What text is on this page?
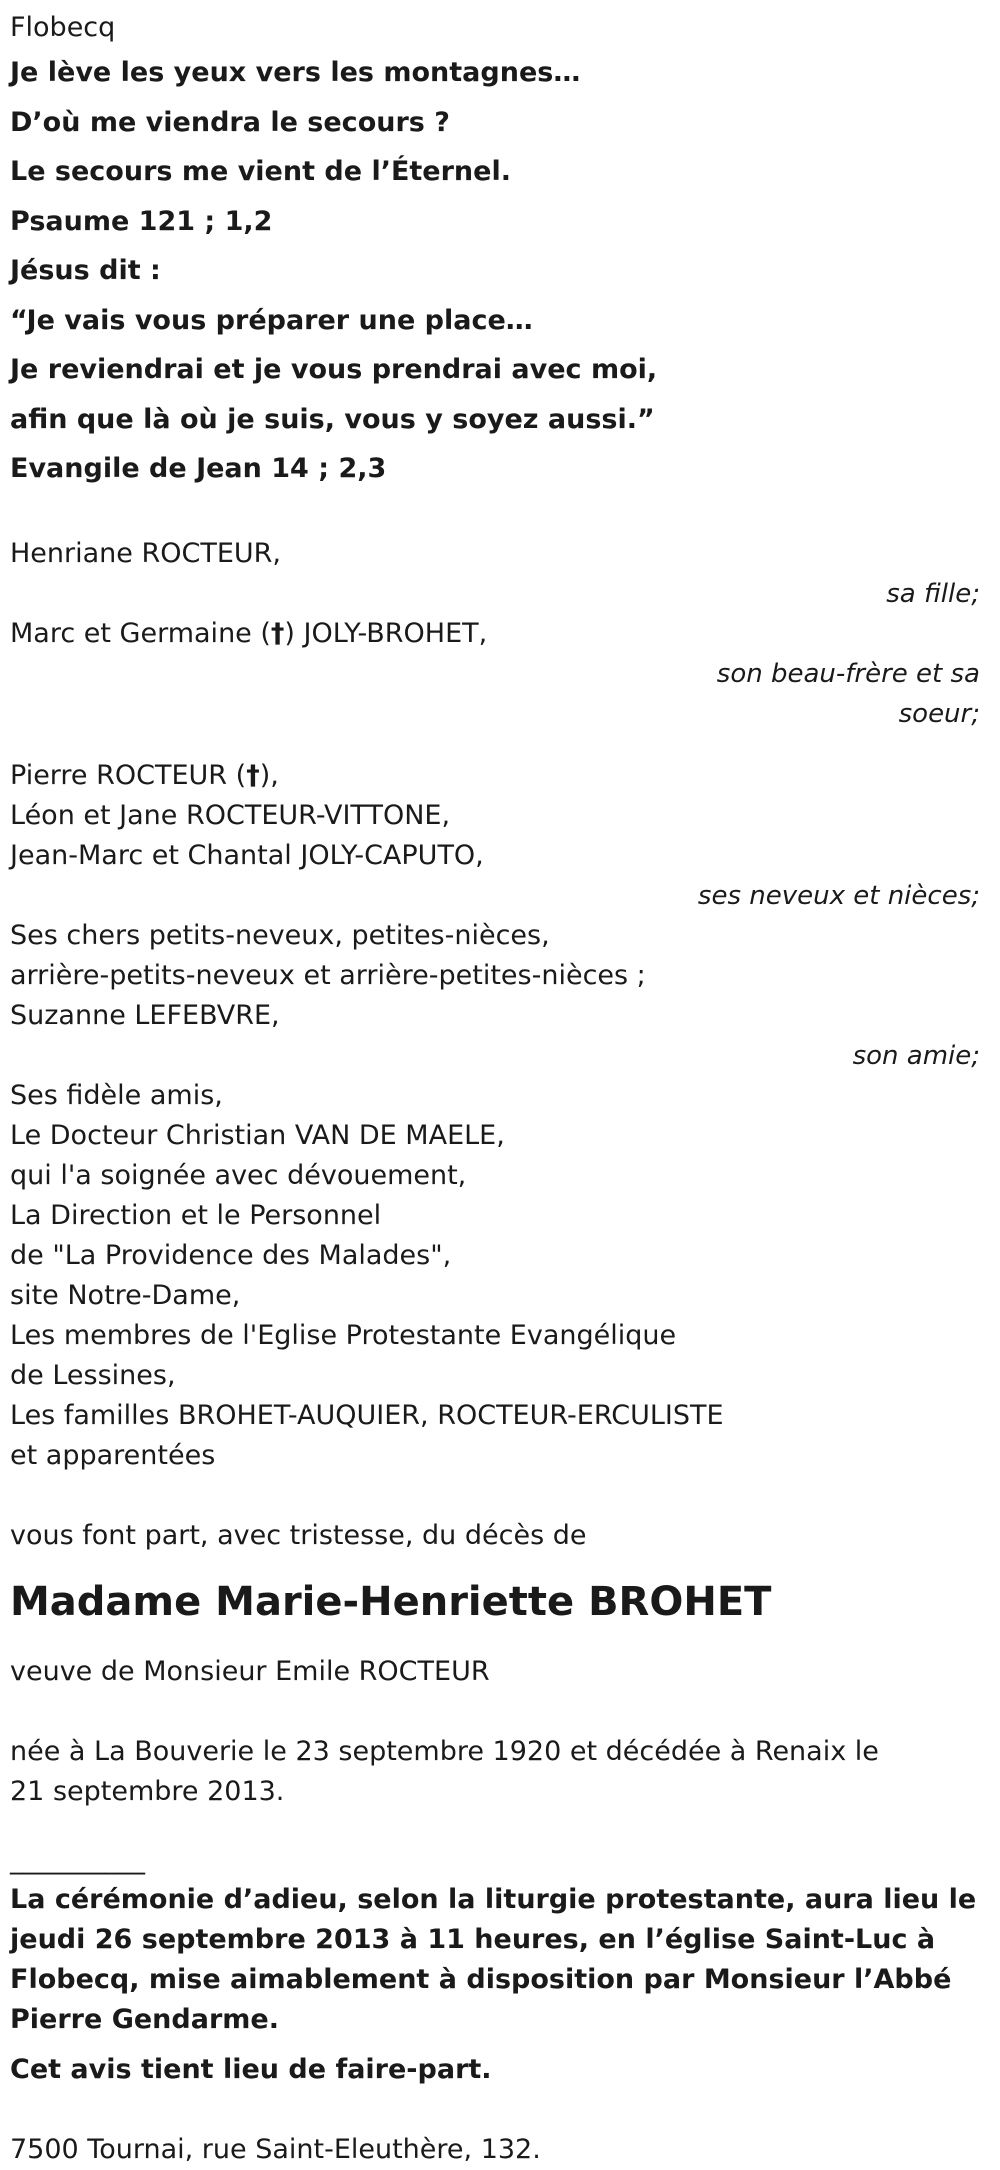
Flobecq
Je lève les yeux vers les montagnes…
D’où me viendra le secours ?
Le secours me vient de l’Éternel.
Psaume 121 ; 1,2
Jésus dit :
“Je vais vous préparer une place…
Je reviendrai et je vous prendrai avec moi,
afin que là où je suis, vous y soyez aussi.”
Evangile de Jean 14 ; 2,3
Henriane ROCTEUR,
sa fille;
Marc et Germaine (†) JOLY-BROHET,
son beau-frère et sa soeur;
Pierre ROCTEUR (†),
Léon et Jane ROCTEUR-VITTONE,
Jean-Marc et Chantal JOLY-CAPUTO,
ses neveux et nièces;
Ses chers petits-neveux, petites-nièces,
arrière-petits-neveux et arrière-petites-nièces ;
Suzanne LEFEBVRE,
son amie;
Ses fidèle amis,
Le Docteur Christian VAN DE MAELE,
qui l'a soignée avec dévouement,
La Direction et le Personnel
de "La Providence des Malades",
site Notre-Dame,
Les membres de l'Eglise Protestante Evangélique
de Lessines,
Les familles BROHET-AUQUIER, ROCTEUR-ERCULISTE
et apparentées
vous font part, avec tristesse, du décès de
Madame Marie-Henriette BROHET
veuve de Monsieur Emile ROCTEUR
née à La Bouverie le 23 septembre 1920 et décédée à Renaix le 21 septembre 2013.
__________
La cérémonie d’adieu, selon la liturgie protestante, aura lieu le jeudi 26 septembre 2013 à 11 heures, en l’église Saint-Luc à Flobecq, mise aimablement à disposition par Monsieur l’Abbé Pierre Gendarme.
Cet avis tient lieu de faire-part.
7500 Tournai, rue Saint-Eleuthère, 132.
